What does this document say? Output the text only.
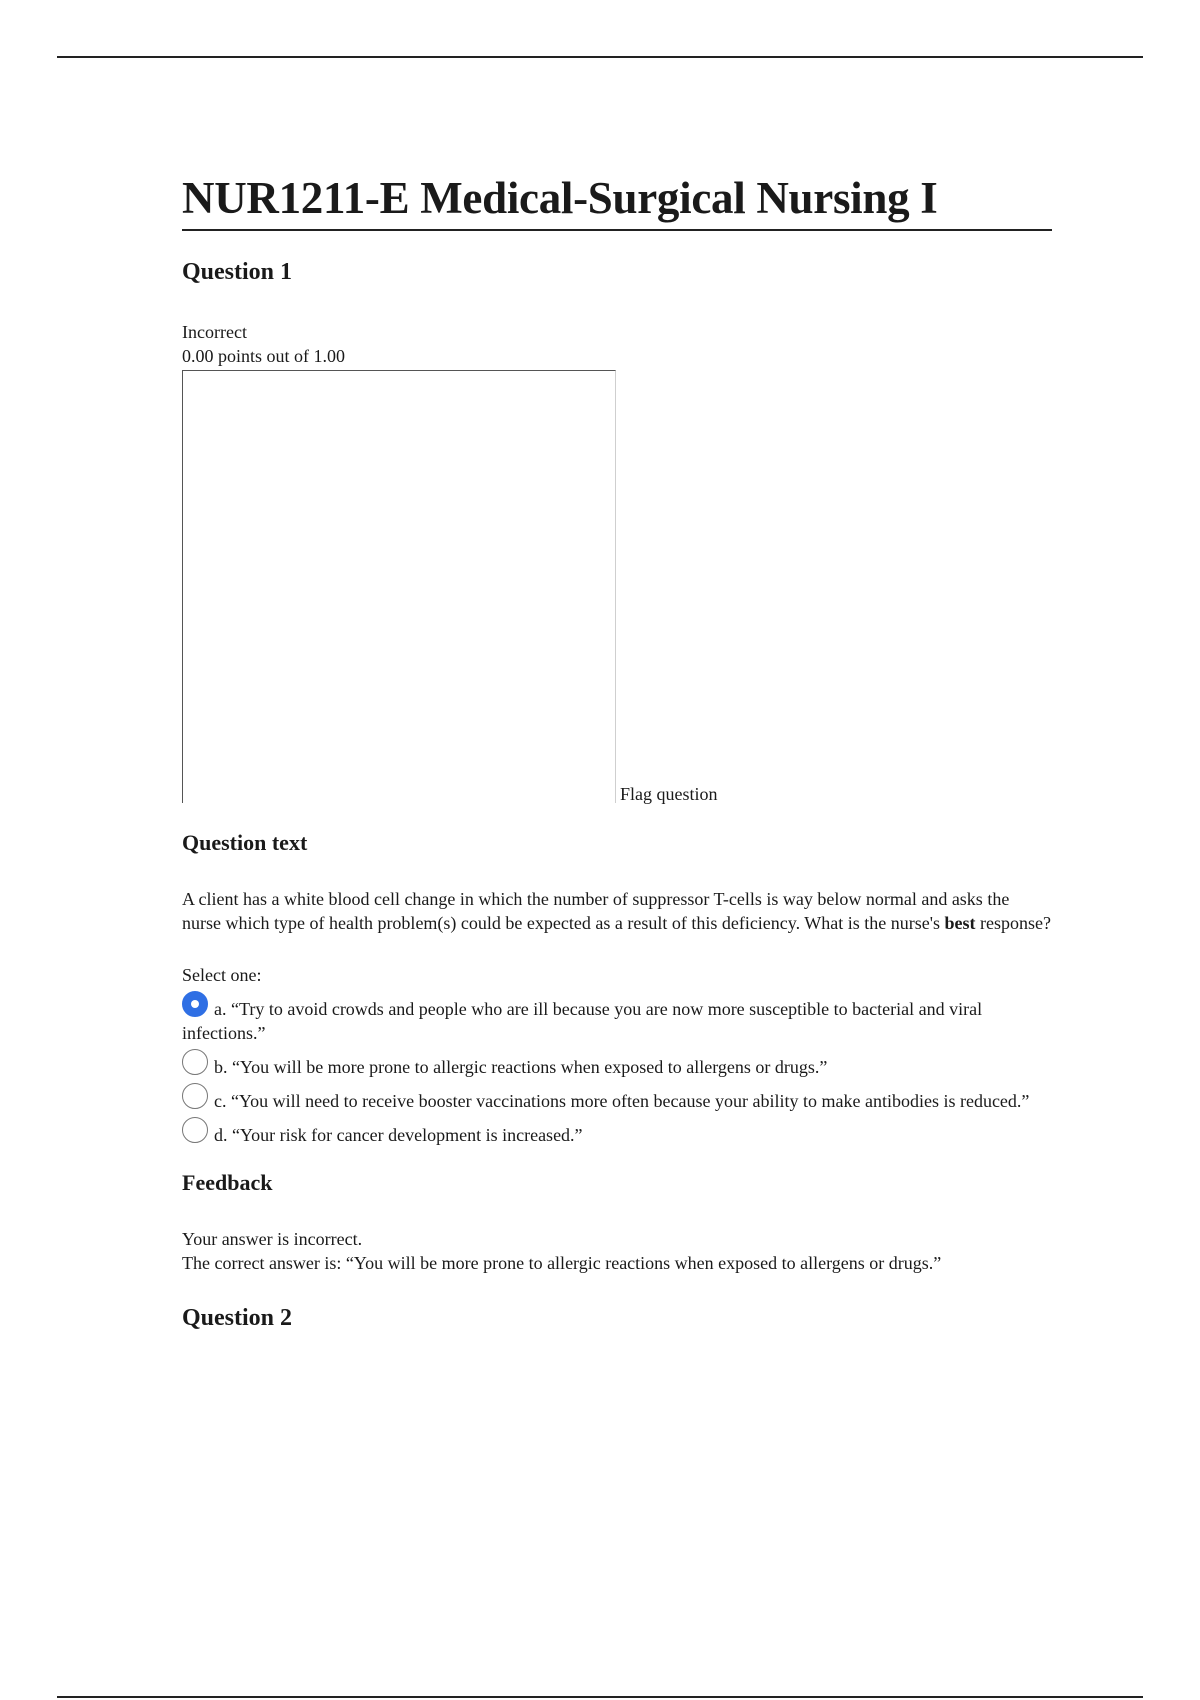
NUR1211-E Medical-Surgical Nursing I
Question 1
Incorrect
0.00 points out of 1.00
Flag question
Question text
A client has a white blood cell change in which the number of suppressor T-cells is way below normal and asks the nurse which type of health problem(s) could be expected as a result of this deficiency. What is the nurse's best response?
Select one:
a. “Try to avoid crowds and people who are ill because you are now more susceptible to bacterial and viral infections.”
b. “You will be more prone to allergic reactions when exposed to allergens or drugs.”
c. “You will need to receive booster vaccinations more often because your ability to make antibodies is reduced.”
d. “Your risk for cancer development is increased.”
Feedback
Your answer is incorrect.
The correct answer is: “You will be more prone to allergic reactions when exposed to allergens or drugs.”
Question 2
